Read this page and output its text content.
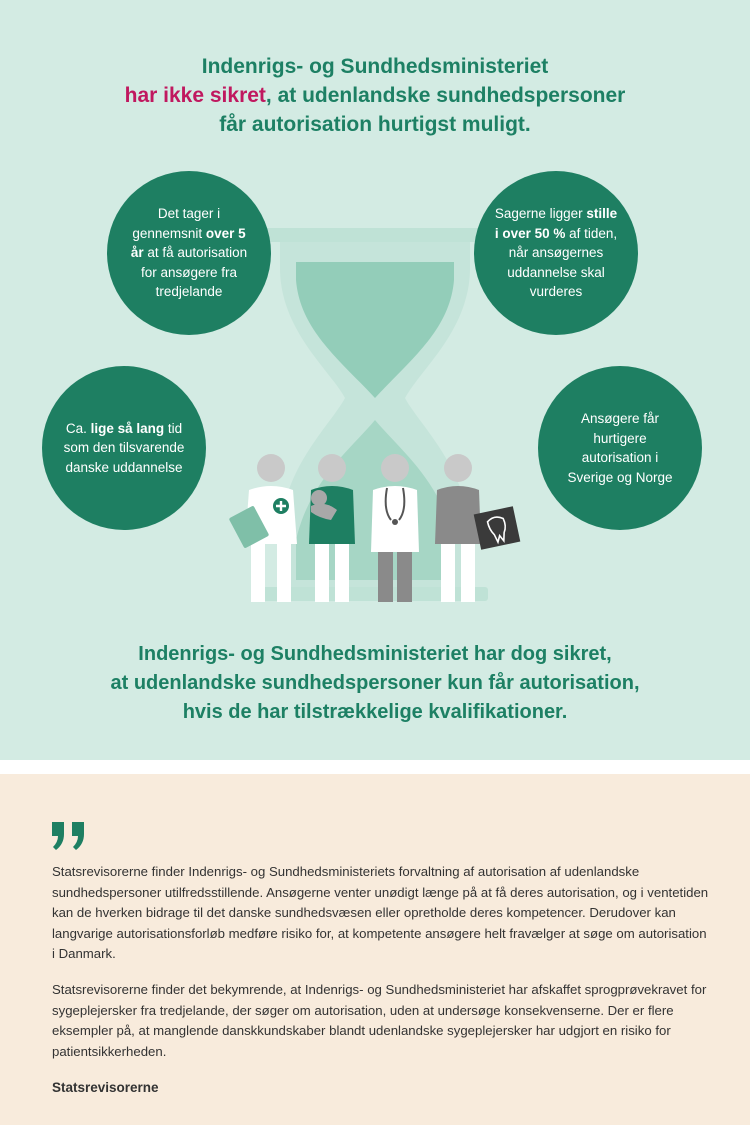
Indenrigs- og Sundhedsministeriet
har ikke sikret, at udenlandske sundhedspersoner
får autorisation hurtigst muligt.
Det tager i gennemsnit over 5 år at få autorisation for ansøgere fra tredjelande
Sagerne ligger stille i over 50 % af tiden, når ansøgernes uddannelse skal vurderes
Ca. lige så lang tid som den tilsvarende danske uddannelse
Ansøgere får hurtigere autorisation i Sverige og Norge
Indenrigs- og Sundhedsministeriet har dog sikret,
at udenlandske sundhedspersoner kun får autorisation,
hvis de har tilstrækkelige kvalifikationer.

Statsrevisorerne finder Indenrigs- og Sundhedsministeriets forvaltning af autorisation af udenlandske sundhedspersoner utilfredsstillende. Ansøgerne venter unødigt længe på at få deres autorisation, og i ventetiden kan de hverken bidrage til det danske sundhedsvæsen eller opretholde deres kompetencer. Derudover kan langvarige autorisationsforløb medføre risiko for, at kompetente ansøgere helt fravælger at søge om autorisation i Danmark.

Statsrevisorerne finder det bekymrende, at Indenrigs- og Sundhedsministeriet har afskaffet sprogprøvekravet for sygeplejersker fra tredjelande, der søger om autorisation, uden at undersøge konsekvenserne. Der er flere eksempler på, at manglende danskkundskaber blandt udenlandske sygeplejersker har udgjort en risiko for patientsikkerheden.

Statsrevisorerne
